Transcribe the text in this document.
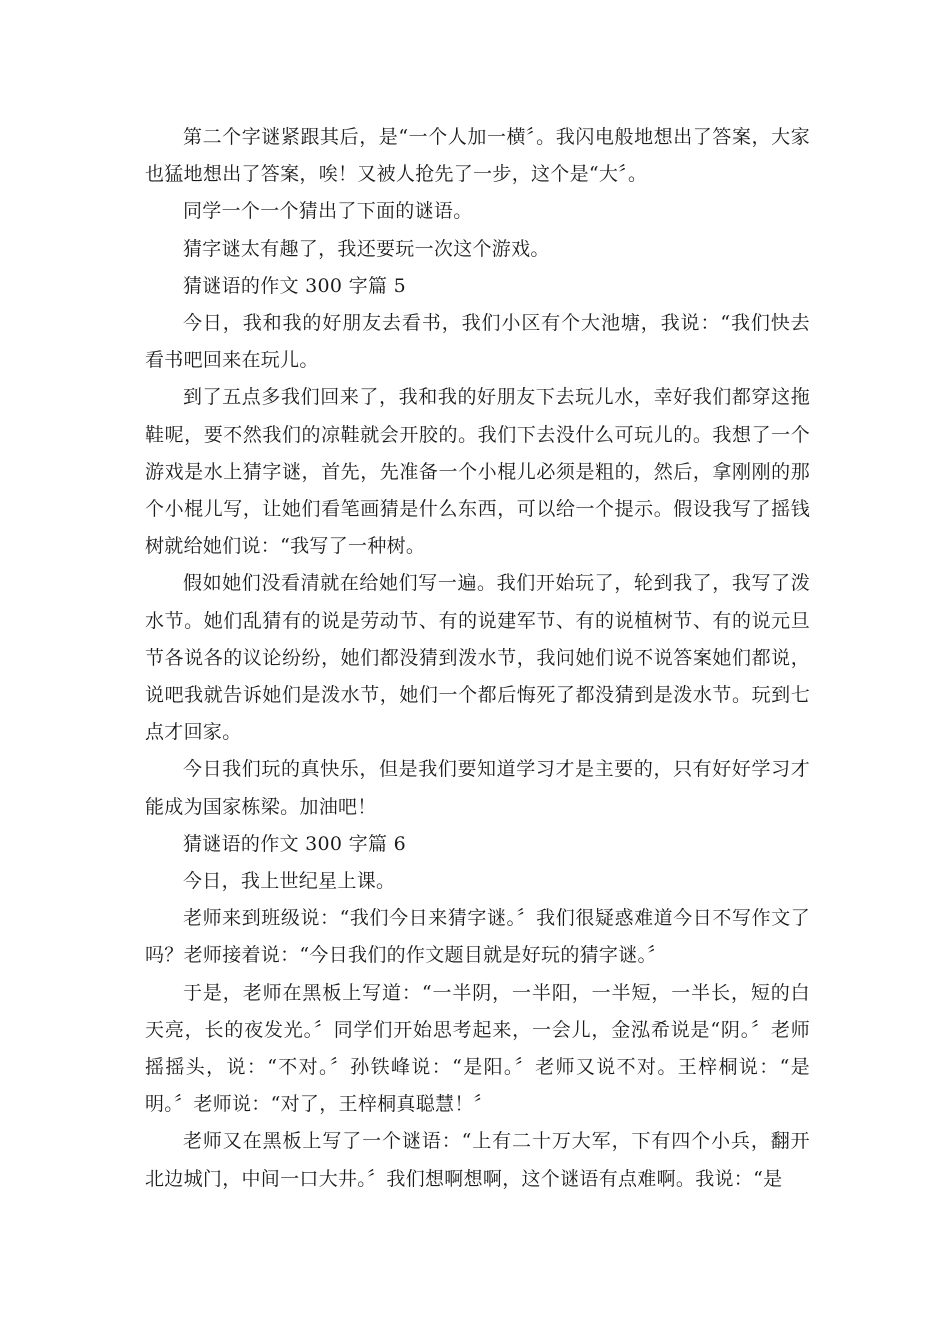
第二个字谜紧跟其后，是“一个人加一横〞。我闪电般地想出了答案，大家也猛地想出了答案，唉！又被人抢先了一步，这个是“大〞。

同学一个一个猜出了下面的谜语。

猜字谜太有趣了，我还要玩一次这个游戏。

猜谜语的作文 300 字篇 5

今日，我和我的好朋友去看书，我们小区有个大池塘，我说：“我们快去看书吧回来在玩儿。

到了五点多我们回来了，我和我的好朋友下去玩儿水，幸好我们都穿这拖鞋呢，要不然我们的凉鞋就会开胶的。我们下去没什么可玩儿的。我想了一个游戏是水上猜字谜，首先，先准备一个小棍儿必须是粗的，然后，拿刚刚的那个小棍儿写，让她们看笔画猜是什么东西，可以给一个提示。假设我写了摇钱树就给她们说：“我写了一种树。

假如她们没看清就在给她们写一遍。我们开始玩了，轮到我了，我写了泼水节。她们乱猜有的说是劳动节、有的说建军节、有的说植树节、有的说元旦节各说各的议论纷纷，她们都没猜到泼水节，我问她们说不说答案她们都说，说吧我就告诉她们是泼水节，她们一个都后悔死了都没猜到是泼水节。玩到七点才回家。

今日我们玩的真快乐，但是我们要知道学习才是主要的，只有好好学习才能成为国家栋梁。加油吧！

猜谜语的作文 300 字篇 6

今日，我上世纪星上课。

老师来到班级说：“我们今日来猜字谜。〞我们很疑惑难道今日不写作文了吗？老师接着说：“今日我们的作文题目就是好玩的猜字谜。〞

于是，老师在黑板上写道：“一半阴，一半阳，一半短，一半长，短的白天亮，长的夜发光。〞同学们开始思考起来，一会儿，金泓希说是“阴。〞老师摇摇头，说：“不对。〞孙铁峰说：“是阳。〞老师又说不对。王梓桐说：“是明。〞老师说：“对了，王梓桐真聪慧！〞

老师又在黑板上写了一个谜语：“上有二十万大军，下有四个小兵，翻开北边城门，中间一口大井。〞我们想啊想啊，这个谜语有点难啊。我说：“是
